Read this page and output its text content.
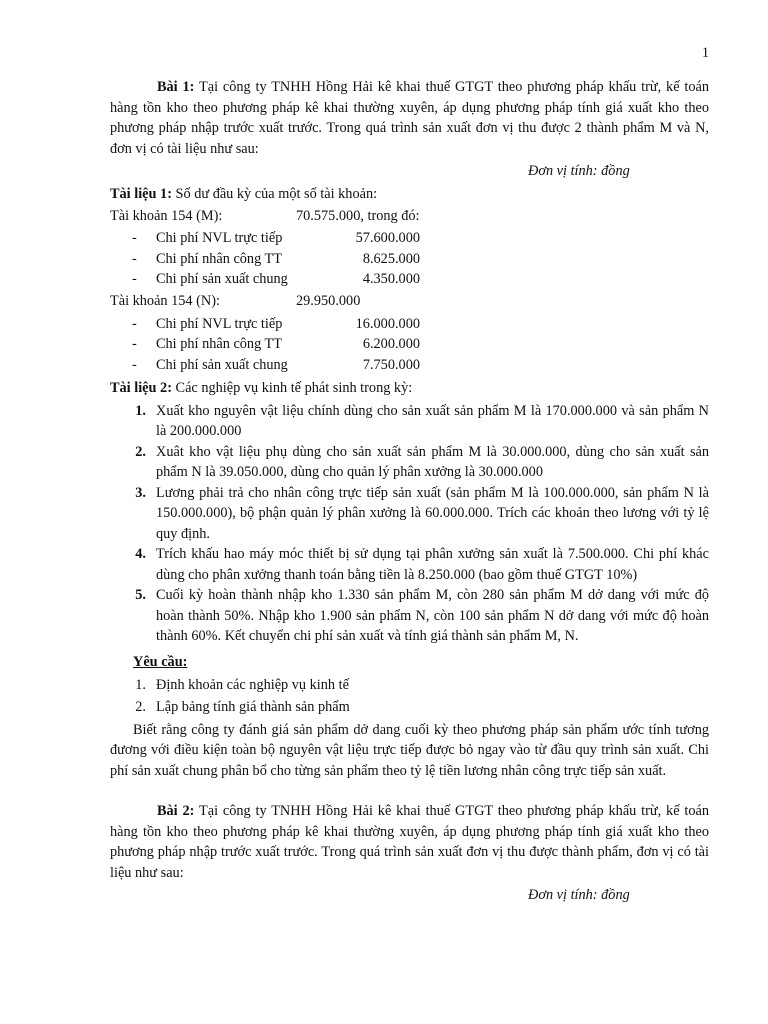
1

Bài 1: Tại công ty TNHH Hồng Hải kê khai thuế GTGT theo phương pháp khấu trừ, kế toán hàng tồn kho theo phương pháp kê khai thường xuyên, áp dụng phương pháp tính giá xuất kho theo phương pháp nhập trước xuất trước. Trong quá trình sản xuất đơn vị thu được 2 thành phẩm M và N, đơn vị có tài liệu như sau:

Đơn vị tính: đồng

Tài liệu 1: Số dư đầu kỳ của một số tài khoản:

Tài khoản 154 (M):	70.575.000, trong đó:
-	Chi phí NVL trực tiếp	57.600.000
-	Chi phí nhân công TT	8.625.000
-	Chi phí sản xuất chung	4.350.000
Tài khoản 154 (N):	29.950.000
-	Chi phí NVL trực tiếp	16.000.000
-	Chi phí nhân công TT	6.200.000
-	Chi phí sản xuất chung	7.750.000

Tài liệu 2: Các nghiệp vụ kinh tế phát sinh trong kỳ:

1. Xuất kho nguyên vật liệu chính dùng cho sản xuất sản phẩm M là 170.000.000 và sản phẩm N là 200.000.000
2. Xuât kho vật liệu phụ dùng cho sản xuất sản phẩm M là 30.000.000, dùng cho sản xuất sản phẩm N là 39.050.000, dùng cho quản lý phân xưởng là 30.000.000
3. Lương phải trả cho nhân công trực tiếp sản xuất (sản phẩm M là 100.000.000, sản phẩm N là 150.000.000), bộ phận quản lý phân xưởng là 60.000.000. Trích các khoản theo lương với tỷ lệ quy định.
4. Trích khấu hao máy móc thiết bị sử dụng tại phân xưởng sản xuất là 7.500.000. Chi phí khác dùng cho phân xưởng thanh toán bằng tiền là 8.250.000 (bao gồm thuế GTGT 10%)
5. Cuối kỳ hoàn thành nhập kho 1.330 sản phẩm M, còn 280 sản phẩm M dở dang với mức độ hoàn thành 50%. Nhập kho 1.900 sản phẩm N, còn 100 sản phẩm N dở dang với mức độ hoàn thành 60%. Kết chuyển chi phí sản xuất và tính giá thành sản phẩm M, N.

Yêu cầu:

1. Định khoản các nghiệp vụ kinh tế
2. Lập bảng tính giá thành sản phẩm

Biết rằng công ty đánh giá sản phẩm dở dang cuối kỳ theo phương pháp sản phẩm ước tính tương đương với điều kiện toàn bộ nguyên vật liệu trực tiếp được bỏ ngay vào từ đầu quy trình sản xuất. Chi phí sản xuất chung phân bổ cho từng sản phẩm theo tỷ lệ tiền lương nhân công trực tiếp sản xuất.

Bài 2: Tại công ty TNHH Hồng Hải kê khai thuế GTGT theo phương pháp khấu trừ, kế toán hàng tồn kho theo phương pháp kê khai thường xuyên, áp dụng phương pháp tính giá xuất kho theo phương pháp nhập trước xuất trước. Trong quá trình sản xuất đơn vị thu được thành phẩm, đơn vị có tài liệu như sau:

Đơn vị tính: đồng
